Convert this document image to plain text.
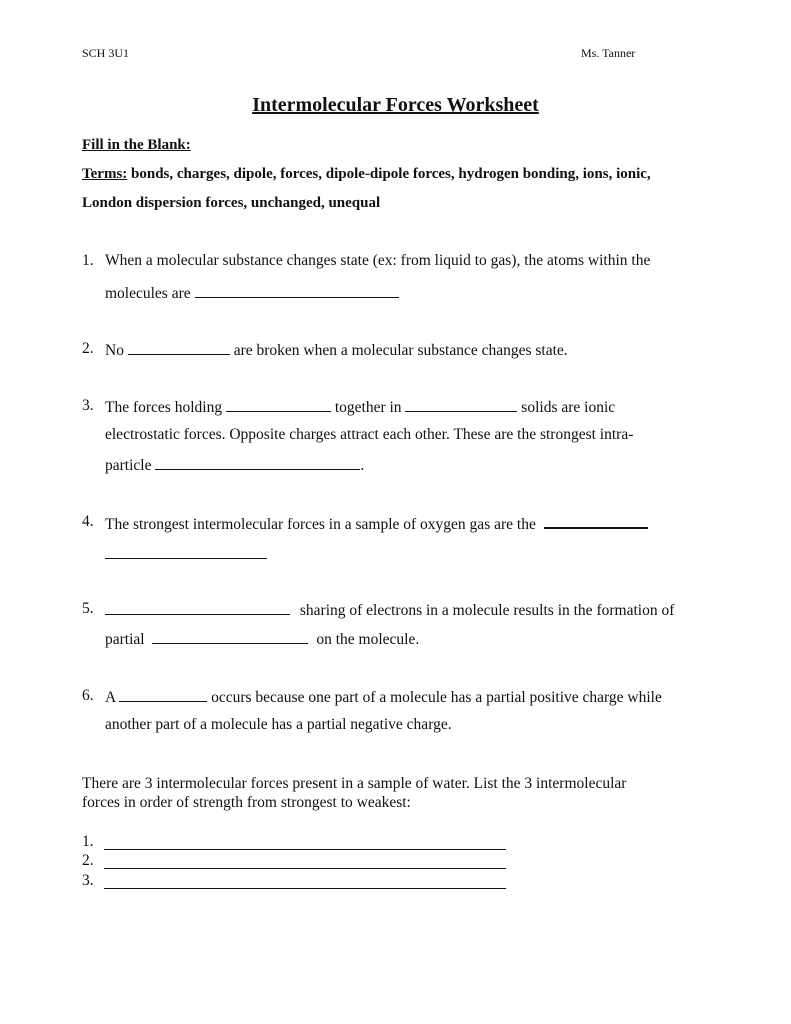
SCH 3U1	Ms. Tanner
Intermolecular Forces Worksheet
Fill in the Blank:
Terms: bonds, charges, dipole, forces, dipole-dipole forces, hydrogen bonding, ions, ionic,
London dispersion forces, unchanged, unequal
1. When a molecular substance changes state (ex: from liquid to gas), the atoms within the
molecules are
2. No	are broken when a molecular substance changes state.
3. The forces holding	together in	solids are ionic
electrostatic forces. Opposite charges attract each other. These are the strongest intra-
particle	.
4. The strongest intermolecular forces in a sample of oxygen gas are the
5.	sharing of electrons in a molecule results in the formation of
partial	on the molecule.
6. A	occurs because one part of a molecule has a partial positive charge while
another part of a molecule has a partial negative charge.
There are 3 intermolecular forces present in a sample of water. List the 3 intermolecular
forces in order of strength from strongest to weakest:
1.
2.
3.
